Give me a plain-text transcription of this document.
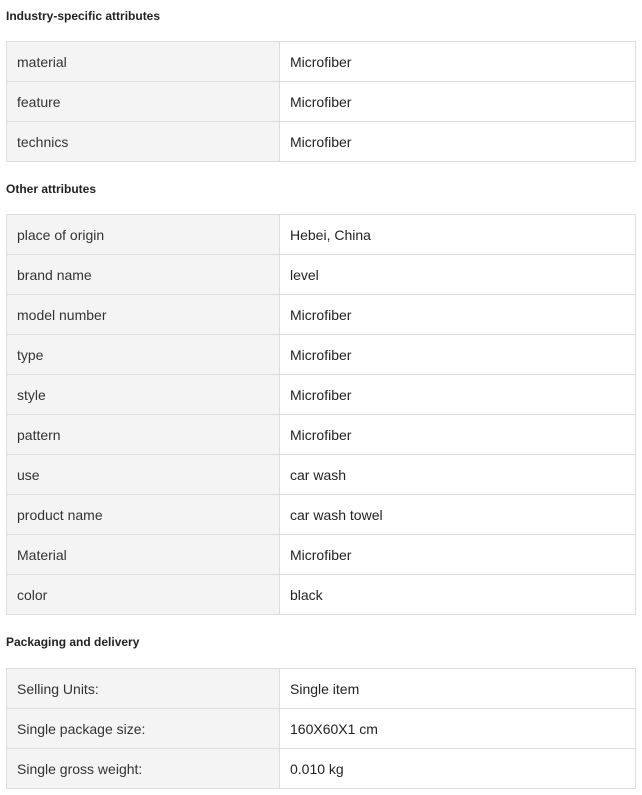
Industry-specific attributes
material	Microfiber
feature	Microfiber
technics	Microfiber
Other attributes
place of origin	Hebei, China
brand name	level
model number	Microfiber
type	Microfiber
style	Microfiber
pattern	Microfiber
use	car wash
product name	car wash towel
Material	Microfiber
color	black
Packaging and delivery
Selling Units:	Single item
Single package size:	160X60X1 cm
Single gross weight:	0.010 kg
